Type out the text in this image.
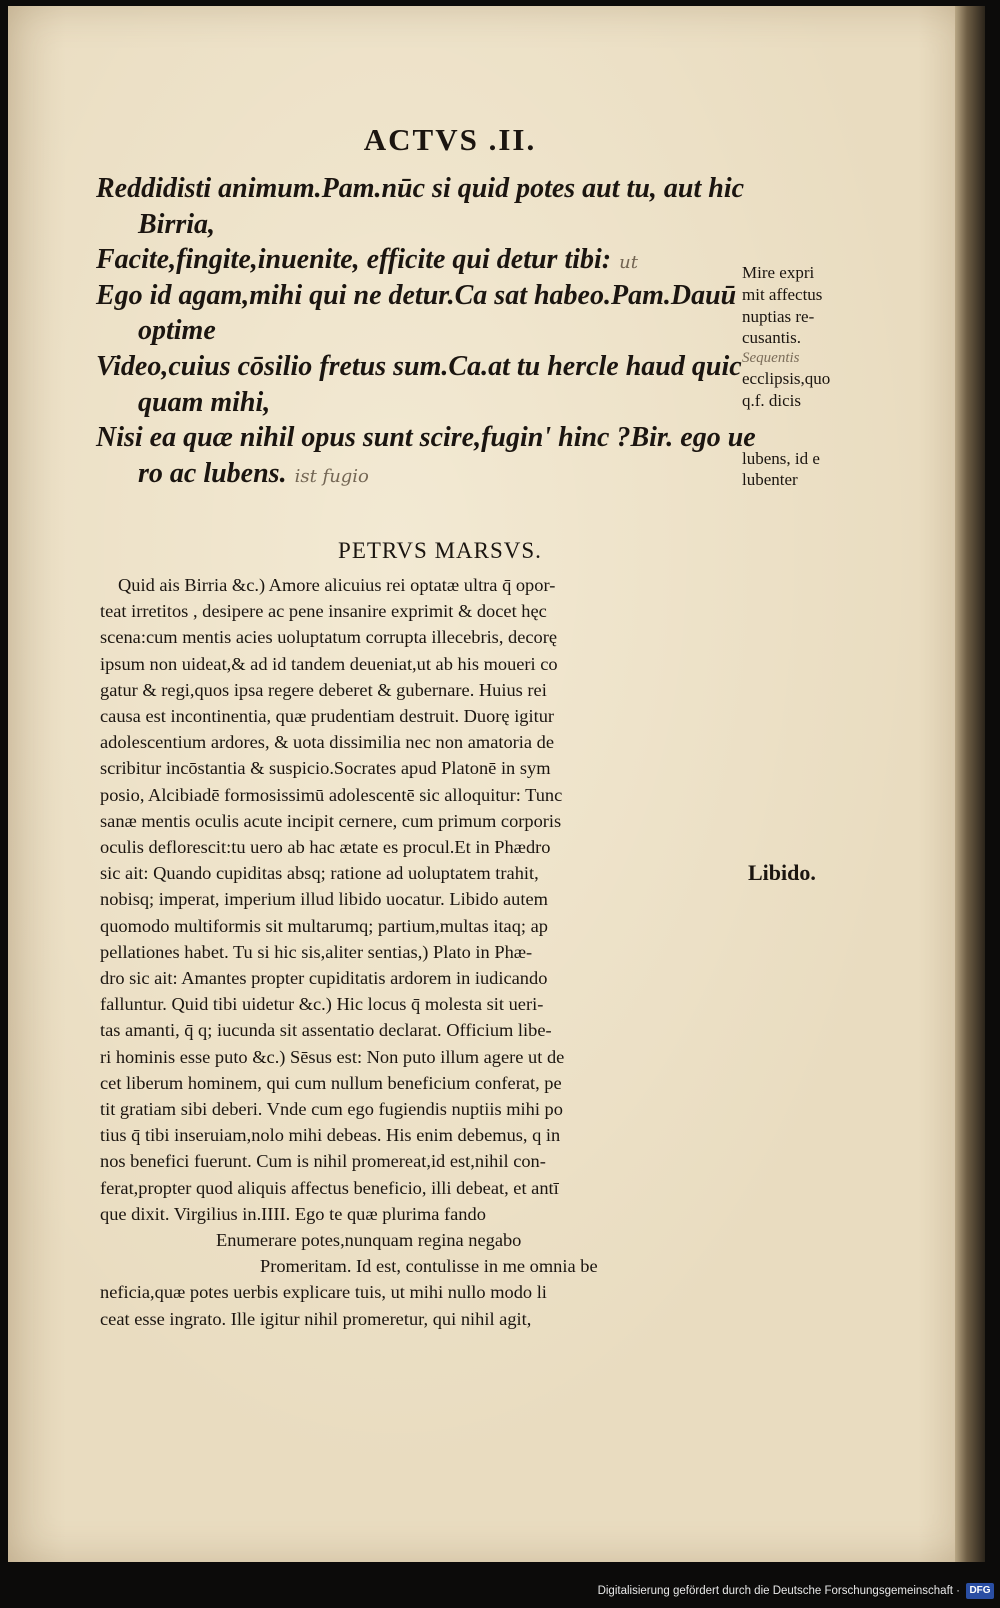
ACTVS .II.

Reddidisti animum.Pam.nūc si quid potes aut tu, aut hic

Birria,

Facite,fingite,inuenite, efficite qui detur tibi: ut

Ego id agam,mihi qui ne detur.Ca sat habeo.Pam.Dauū

optime

Video,cuius cōsilio fretus sum.Ca.at tu hercle haud quic

quam mihi,

Nisi ea quæ nihil opus sunt scire,fugin' hinc ?Bir. ego ue

ro ac lubens. ist fugio

Mire expri

mit affectus

nuptias re-

cusantis.

Sequentis

ecclipsis,quo

q.f. dicis

lubens, id e

lubenter

PETRVS MARSVS.

Quid ais Birria &c.) Amore alicuius rei optatæ ultra q̄ opor-

teat irretitos , desipere ac pene insanire exprimit & docet hęc

scena:cum mentis acies uoluptatum corrupta illecebris, decorę

ipsum non uideat,& ad id tandem deueniat,ut ab his moueri co

gatur & regi,quos ipsa regere deberet & gubernare. Huius rei

causa est incontinentia, quæ prudentiam destruit. Duorę igitur

adolescentium ardores, & uota dissimilia nec non amatoria de

scribitur incōstantia & suspicio.Socrates apud Platonē in sym

posio, Alcibiadē formosissimū adolescentē sic alloquitur: Tunc

sanæ mentis oculis acute incipit cernere, cum primum corporis

oculis deflorescit:tu uero ab hac ætate es procul.Et in Phædro

sic ait: Quando cupiditas absq; ratione ad uoluptatem trahit,

nobisq; imperat, imperium illud libido uocatur. Libido autem

quomodo multiformis sit multarumq; partium,multas itaq; ap

pellationes habet. Tu si hic sis,aliter sentias,) Plato in Phæ-

dro sic ait: Amantes propter cupiditatis ardorem in iudicando

falluntur. Quid tibi uidetur &c.) Hic locus q̄ molesta sit ueri-

tas amanti, q̄ q; iucunda sit assentatio declarat. Officium libe-

ri hominis esse puto &c.) Sēsus est: Non puto illum agere ut de

cet liberum hominem, qui cum nullum beneficium conferat, pe

tit gratiam sibi deberi. Vnde cum ego fugiendis nuptiis mihi po

tius q̄ tibi inseruiam,nolo mihi debeas. His enim debemus, q in

nos benefici fuerunt. Cum is nihil promereat,id est,nihil con-

ferat,propter quod aliquis affectus beneficio, illi debeat, et antī

que dixit. Virgilius in.IIII. Ego te quæ plurima fando

Enumerare potes,nunquam regina negabo

Promeritam. Id est, contulisse in me omnia be

neficia,quæ potes uerbis explicare tuis, ut mihi nullo modo li

ceat esse ingrato. Ille igitur nihil promeretur, qui nihil agit,

Libido.

Digitalisierung gefördert durch die Deutsche Forschungsgemeinschaft · DFG
